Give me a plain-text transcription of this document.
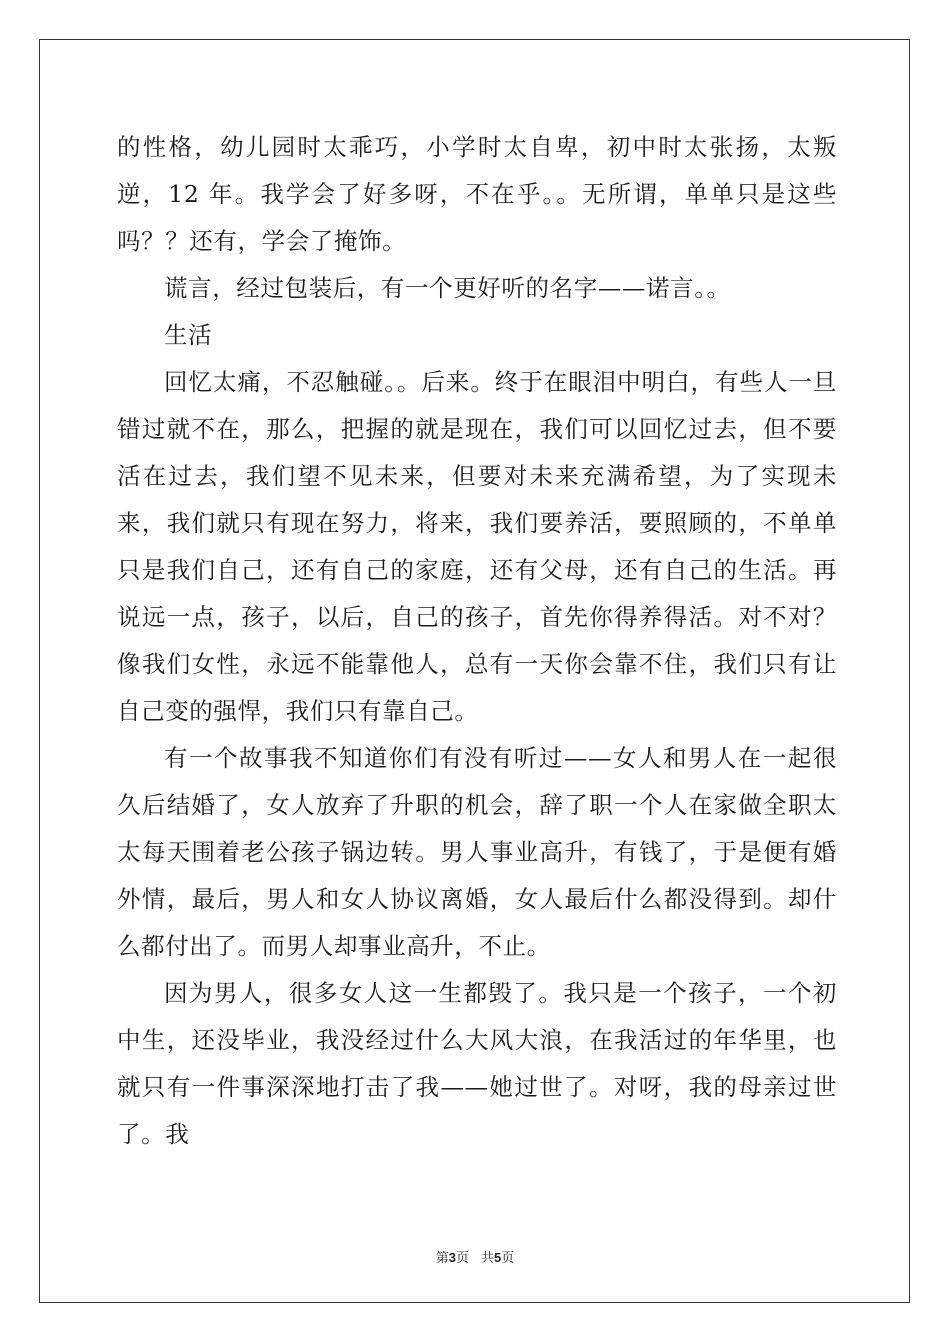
的性格，幼儿园时太乖巧，小学时太自卑，初中时太张扬，太叛逆，12 年。我学会了好多呀，不在乎。。无所谓，单单只是这些吗？？还有，学会了掩饰。

谎言，经过包装后，有一个更好听的名字——诺言。。

生活

回忆太痛，不忍触碰。。后来。终于在眼泪中明白，有些人一旦错过就不在，那么，把握的就是现在，我们可以回忆过去，但不要活在过去，我们望不见未来，但要对未来充满希望，为了实现未来，我们就只有现在努力，将来，我们要养活，要照顾的，不单单只是我们自己，还有自己的家庭，还有父母，还有自己的生活。再说远一点，孩子，以后，自己的孩子，首先你得养得活。对不对？像我们女性，永远不能靠他人，总有一天你会靠不住，我们只有让自己变的强悍，我们只有靠自己。

有一个故事我不知道你们有没有听过——女人和男人在一起很久后结婚了，女人放弃了升职的机会，辞了职一个人在家做全职太太每天围着老公孩子锅边转。男人事业高升，有钱了，于是便有婚外情，最后，男人和女人协议离婚，女人最后什么都没得到。却什么都付出了。而男人却事业高升，不止。

因为男人，很多女人这一生都毁了。我只是一个孩子，一个初中生，还没毕业，我没经过什么大风大浪，在我活过的年华里，也就只有一件事深深地打击了我——她过世了。对呀，我的母亲过世了。我

第3页 共5页
